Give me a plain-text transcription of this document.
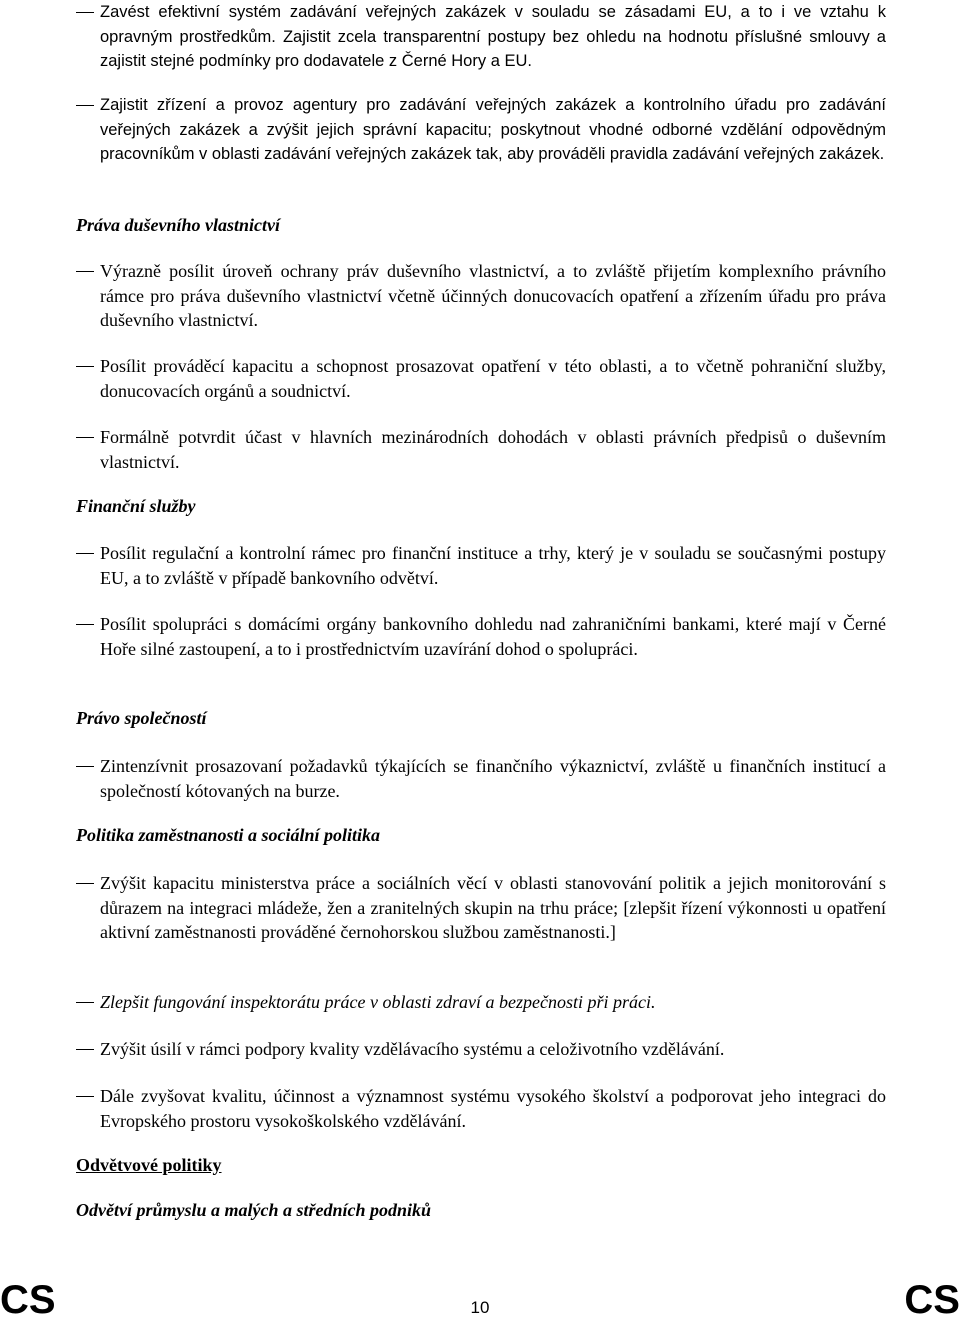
Zavést efektivní systém zadávání veřejných zakázek v souladu se zásadami EU, a to i ve vztahu k opravným prostředkům. Zajistit zcela transparentní postupy bez ohledu na hodnotu příslušné smlouvy a zajistit stejné podmínky pro dodavatele z Černé Hory a EU.
Zajistit zřízení a provoz agentury pro zadávání veřejných zakázek a kontrolního úřadu pro zadávání veřejných zakázek a zvýšit jejich správní kapacitu; poskytnout vhodné odborné vzdělání odpovědným pracovníkům v oblasti zadávání veřejných zakázek tak, aby prováděli pravidla zadávání veřejných zakázek.
Práva duševního vlastnictví
Výrazně posílit úroveň ochrany práv duševního vlastnictví, a to zvláště přijetím komplexního právního rámce pro práva duševního vlastnictví včetně účinných donucovacích opatření a zřízením úřadu pro práva duševního vlastnictví.
Posílit prováděcí kapacitu a schopnost prosazovat opatření v této oblasti, a to včetně pohraniční služby, donucovacích orgánů a soudnictví.
Formálně potvrdit účast v hlavních mezinárodních dohodách v oblasti právních předpisů o duševním vlastnictví.
Finanční služby
Posílit regulační a kontrolní rámec pro finanční instituce a trhy, který je v souladu se současnými postupy EU, a to zvláště v případě bankovního odvětví.
Posílit spolupráci s domácími orgány bankovního dohledu nad zahraničními bankami, které mají v Černé Hoře silné zastoupení, a to i prostřednictvím uzavírání dohod o spolupráci.
Právo společností
Zintenzívnit prosazovaní požadavků týkajících se finančního výkaznictví, zvláště u finančních institucí a společností kótovaných na burze.
Politika zaměstnanosti a sociální politika
Zvýšit kapacitu ministerstva práce a sociálních věcí v oblasti stanovování politik a jejich monitorování s důrazem na integraci mládeže, žen a zranitelných skupin na trhu práce; [zlepšit řízení výkonnosti u opatření aktivní zaměstnanosti prováděné černohorskou službou zaměstnanosti.]
Zlepšit fungování inspektorátu práce v oblasti zdraví a bezpečnosti při práci.
Zvýšit úsilí v rámci podpory kvality vzdělávacího systému a celoživotního vzdělávání.
Dále zvyšovat kvalitu, účinnost a významnost systému vysokého školství a podporovat jeho integraci do Evropského prostoru vysokoškolského vzdělávání.
Odvětvové politiky
Odvětví průmyslu a malých a středních podniků
CS	10	CS
